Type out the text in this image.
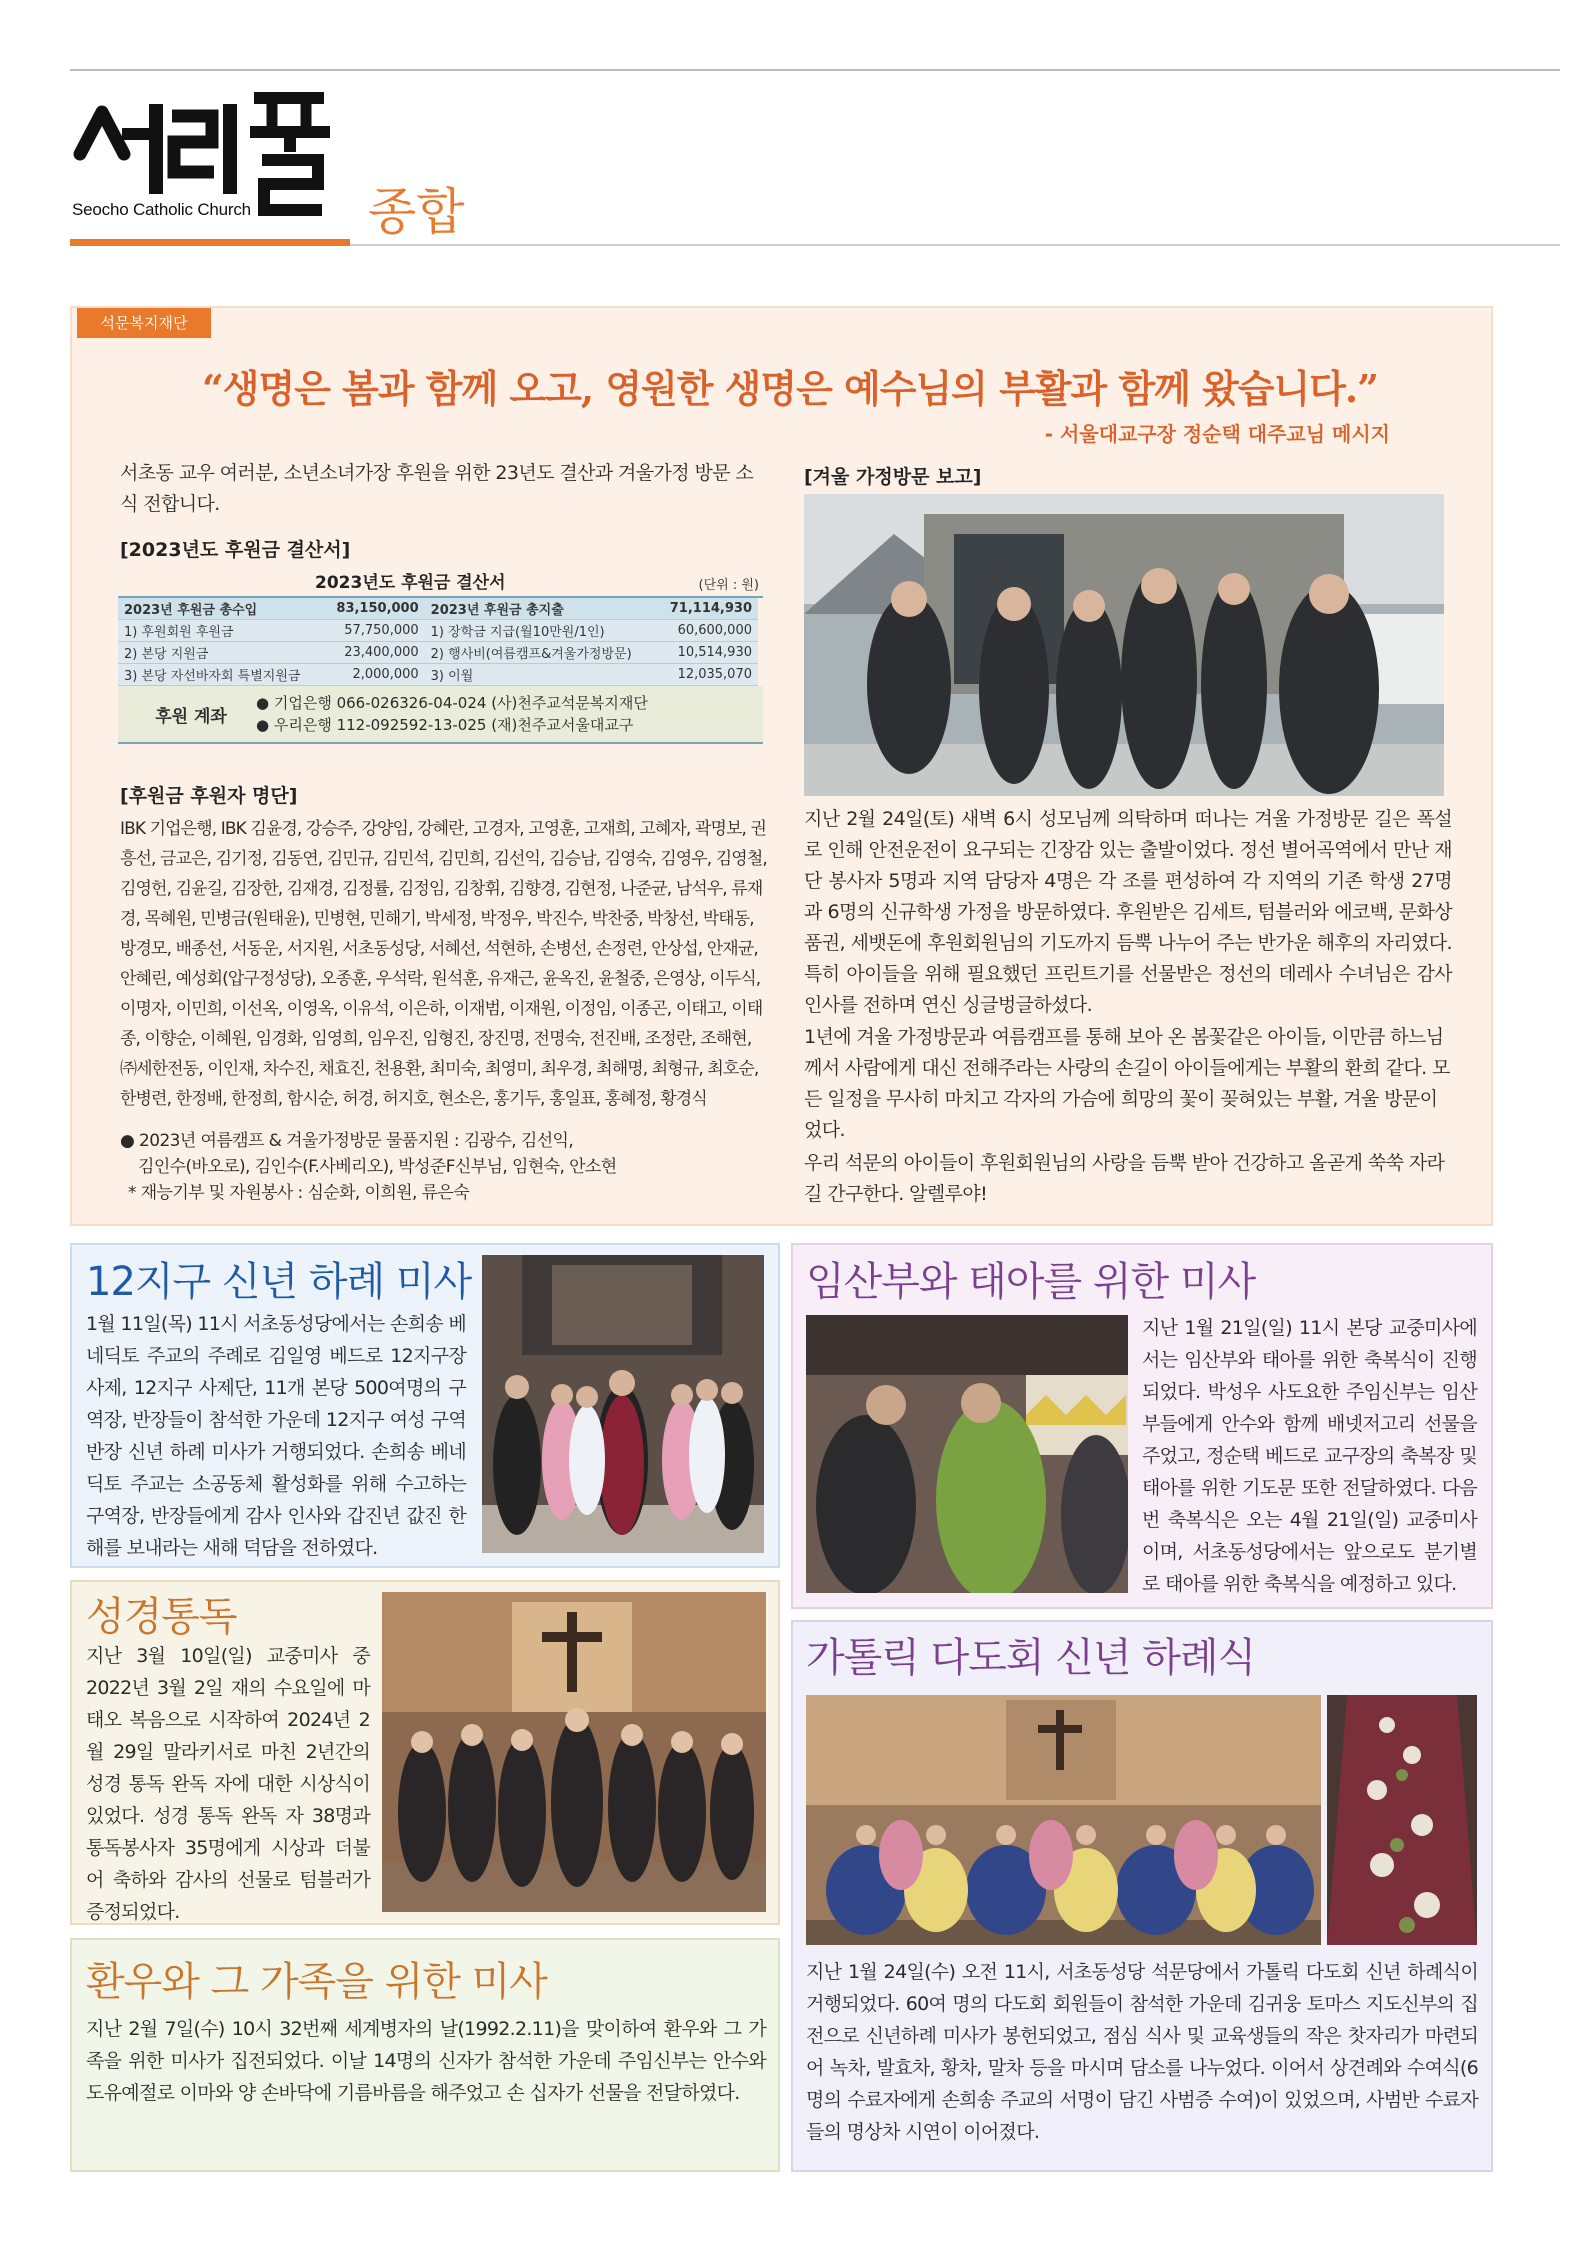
Seocho Catholic Church 종합
석문복지재단
“생명은 봄과 함께 오고, 영원한 생명은 예수님의 부활과 함께 왔습니다.”
- 서울대교구장 정순택 대주교님 메시지
서초동 교우 여러분, 소년소녀가장 후원을 위한 23년도 결산과 겨울가정 방문 소식 전합니다.
[2023년도 후원금 결산서]
2023년도 후원금 결산서	(단위 : 원)
2023년 후원금 총수입	83,150,000	2023년 후원금 총지출	71,114,930
1) 후원회원 후원금	57,750,000	1) 장학금 지급(월10만원/1인)	60,600,000
2) 본당 지원금	23,400,000	2) 행사비(여름캠프&겨울가정방문)	10,514,930
3) 본당 자선바자회 특별지원금	2,000,000	3) 이월	12,035,070
후원 계좌
● 기업은행 066-026326-04-024 (사)천주교석문복지재단
● 우리은행 112-092592-13-025 (재)천주교서울대교구
[후원금 후원자 명단]
IBK 기업은행, IBK 김윤경, 강승주, 강양임, 강혜란, 고경자, 고영훈, 고재희, 고혜자, 곽명보, 권흥선, 금교은, 김기정, 김동연, 김민규, 김민석, 김민희, 김선익, 김승남, 김영숙, 김영우, 김영철, 김영헌, 김윤길, 김장한, 김재경, 김정률, 김정임, 김창휘, 김향경, 김현정, 나준균, 남석우, 류재경, 목혜원, 민병금(원태윤), 민병현, 민해기, 박세정, 박정우, 박진수, 박찬중, 박창선, 박태동, 방경모, 배종선, 서동운, 서지원, 서초동성당, 서혜선, 석현하, 손병선, 손정련, 안상섭, 안재균, 안혜린, 예성회(압구정성당), 오종훈, 우석락, 원석훈, 유재근, 윤옥진, 윤철중, 은영상, 이두식, 이명자, 이민희, 이선옥, 이영옥, 이유석, 이은하, 이재범, 이재원, 이정임, 이종곤, 이태고, 이태종, 이향순, 이혜원, 임경화, 임영희, 임우진, 임형진, 장진명, 전명숙, 전진배, 조정란, 조해현, ㈜세한전동, 이인재, 차수진, 채효진, 천용환, 최미숙, 최영미, 최우경, 최해명, 최형규, 최호순, 한병련, 한정배, 한정희, 함시순, 허경, 허지호, 현소은, 홍기두, 홍일표, 홍혜정, 황경식
● 2023년 여름캠프 & 겨울가정방문 물품지원 : 김광수, 김선익,
김인수(바오로), 김인수(F.사베리오), 박성준F신부님, 임현숙, 안소현
* 재능기부 및 자원봉사 : 심순화, 이희원, 류은숙
[겨울 가정방문 보고]
지난 2월 24일(토) 새벽 6시 성모님께 의탁하며 떠나는 겨울 가정방문 길은 폭설로 인해 안전운전이 요구되는 긴장감 있는 출발이었다. 정선 별어곡역에서 만난 재단 봉사자 5명과 지역 담당자 4명은 각 조를 편성하여 각 지역의 기존 학생 27명과 6명의 신규학생 가정을 방문하였다. 후원받은 김세트, 텀블러와 에코백, 문화상품권, 세뱃돈에 후원회원님의 기도까지 듬뿍 나누어 주는 반가운 해후의 자리였다. 특히 아이들을 위해 필요했던 프린트기를 선물받은 정선의 데레사 수녀님은 감사 인사를 전하며 연신 싱글벙글하셨다.
1년에 겨울 가정방문과 여름캠프를 통해 보아 온 봄꽃같은 아이들, 이만큼 하느님께서 사람에게 대신 전해주라는 사랑의 손길이 아이들에게는 부활의 환희 같다. 모든 일정을 무사히 마치고 각자의 가슴에 희망의 꽃이 꽂혀있는 부활, 겨울 방문이었다.
우리 석문의 아이들이 후원회원님의 사랑을 듬뿍 받아 건강하고 올곧게 쑥쑥 자라길 간구한다. 알렐루야!
12지구 신년 하례 미사
1월 11일(목) 11시 서초동성당에서는 손희송 베네딕토 주교의 주례로 김일영 베드로 12지구장 사제, 12지구 사제단, 11개 본당 500여명의 구역장, 반장들이 참석한 가운데 12지구 여성 구역반장 신년 하례 미사가 거행되었다. 손희송 베네딕토 주교는 소공동체 활성화를 위해 수고하는 구역장, 반장들에게 감사 인사와 갑진년 값진 한 해를 보내라는 새해 덕담을 전하였다.
임산부와 태아를 위한 미사
지난 1월 21일(일) 11시 본당 교중미사에서는 임산부와 태아를 위한 축복식이 진행되었다. 박성우 사도요한 주임신부는 임산부들에게 안수와 함께 배넷저고리 선물을 주었고, 정순택 베드로 교구장의 축복장 및 태아를 위한 기도문 또한 전달하였다. 다음번 축복식은 오는 4월 21일(일) 교중미사이며, 서초동성당에서는 앞으로도 분기별로 태아를 위한 축복식을 예정하고 있다.
성경통독
지난 3월 10일(일) 교중미사 중 2022년 3월 2일 재의 수요일에 마태오 복음으로 시작하여 2024년 2월 29일 말라키서로 마친 2년간의 성경 통독 완독 자에 대한 시상식이 있었다. 성경 통독 완독 자 38명과 통독봉사자 35명에게 시상과 더불어 축하와 감사의 선물로 텀블러가 증정되었다.
가톨릭 다도회 신년 하례식
지난 1월 24일(수) 오전 11시, 서초동성당 석문당에서 가톨릭 다도회 신년 하례식이 거행되었다. 60여 명의 다도회 회원들이 참석한 가운데 김귀웅 토마스 지도신부의 집전으로 신년하례 미사가 봉헌되었고, 점심 식사 및 교육생들의 작은 찻자리가 마련되어 녹차, 발효차, 황차, 말차 등을 마시며 담소를 나누었다. 이어서 상견례와 수여식(6명의 수료자에게 손희송 주교의 서명이 담긴 사범증 수여)이 있었으며, 사범반 수료자들의 명상차 시연이 이어졌다.
환우와 그 가족을 위한 미사
지난 2월 7일(수) 10시 32번째 세계병자의 날(1992.2.11)을 맞이하여 환우와 그 가족을 위한 미사가 집전되었다. 이날 14명의 신자가 참석한 가운데 주임신부는 안수와 도유예절로 이마와 양 손바닥에 기름바름을 해주었고 손 십자가 선물을 전달하였다.
